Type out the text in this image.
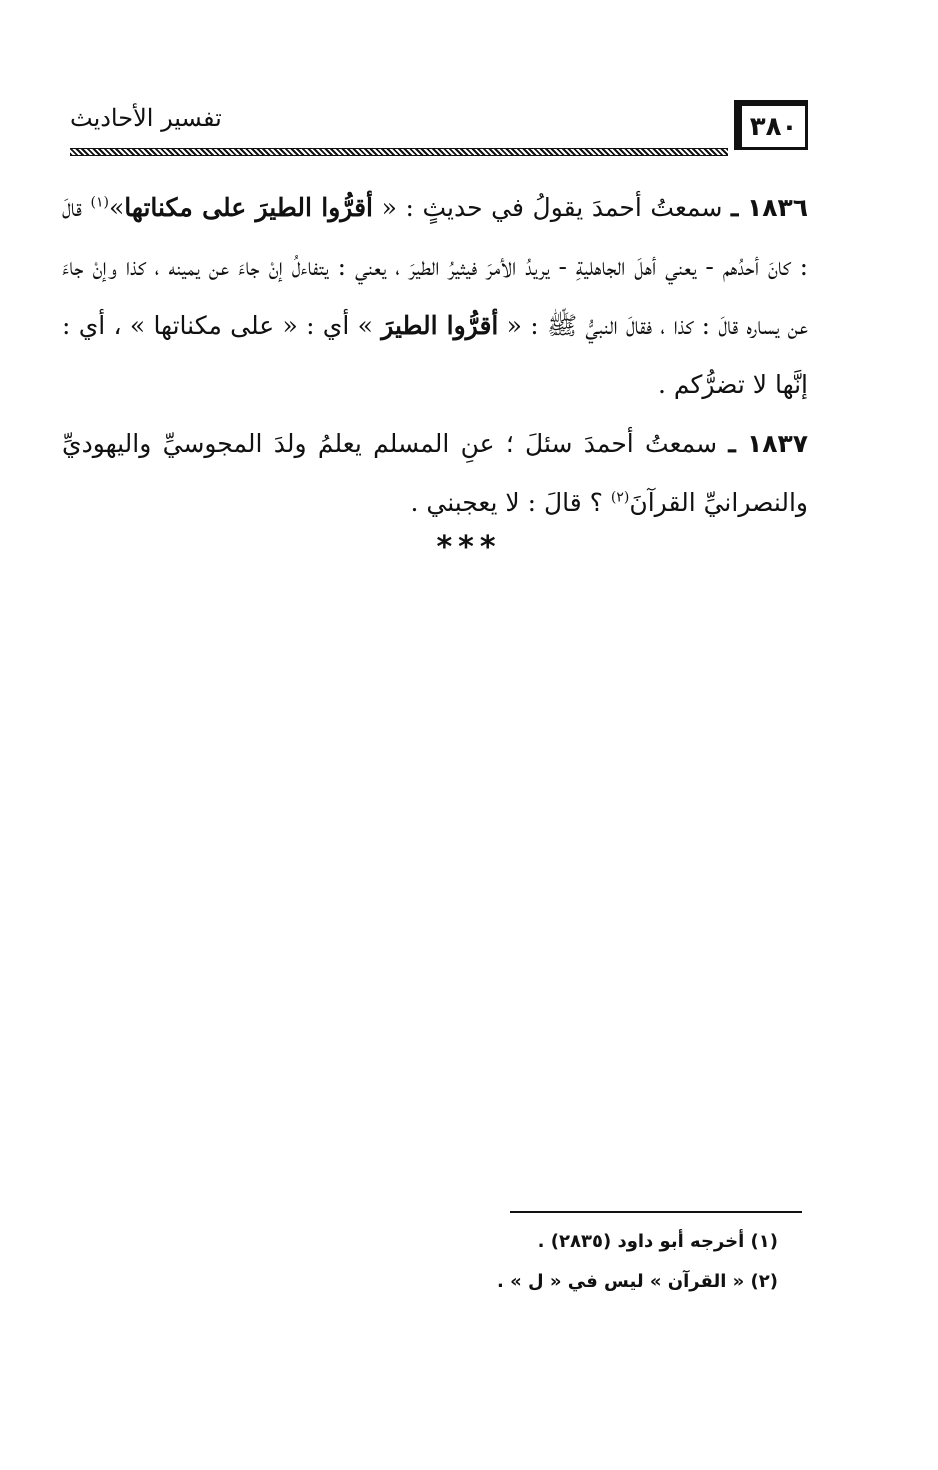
٣٨٠
تفسير الأحاديث

١٨٣٦ ـ سمعتُ أحمدَ يقولُ في حديثٍ : « أقرُّوا الطيرَ على مكناتها»$^{(١)}$ قالَ : كانَ أحدُهم - يعني أهلَ الجاهليةِ - يريدُ الأمرَ فيثيرُ الطيرَ ، يعني : يتفاءلُ إنْ جاءَ عن يمينه ، كذا وإنْ جاءَ عن يساره قالَ : كذا ، فقالَ النبيُّ ﷺ : « أقرُّوا الطيرَ » أي : « على مكناتها » ، أي : إنَّها لا تضرُّكم .

١٨٣٧ ـ سمعتُ أحمدَ سئلَ ؛ عنِ المسلم يعلمُ ولدَ المجوسيِّ واليهوديِّ والنصرانيِّ القرآنَ$^{(٢)}$ ؟ قالَ : لا يعجبني .

***
(١) أخرجه أبو داود (٢٨٣٥) .
(٢) « القرآن » ليس في « ل » .
